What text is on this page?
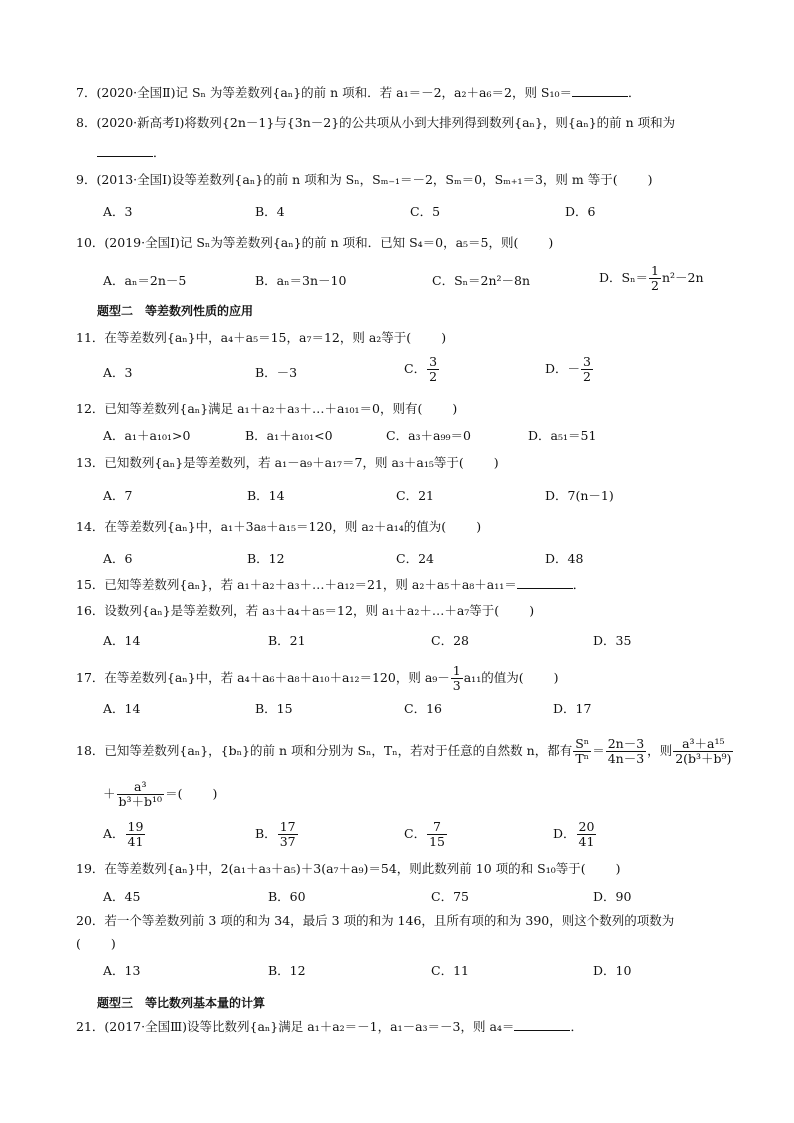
7．(2020·全国Ⅱ)记 Sₙ 为等差数列{aₙ}的前 n 项和．若 a₁＝－2，a₂＋a₆＝2，则 S₁₀＝	．
8．(2020·新高考Ⅰ)将数列{2n－1}与{3n－2}的公共项从小到大排列得到数列{aₙ}，则{aₙ}的前 n 项和为
．
9．(2013·全国Ⅰ)设等差数列{aₙ}的前 n 项和为 Sₙ，Sₘ₋₁＝－2，Sₘ＝0，Sₘ₊₁＝3，则 m 等于( )
A．3	B．4	C．5	D．6
10．(2019·全国Ⅰ)记 Sₙ为等差数列{aₙ}的前 n 项和．已知 S₄＝0，a₅＝5，则( )
A．aₙ＝2n－5	B．aₙ＝3n－10	C．Sₙ＝2n²－8n	D．$S_n= \frac{1}{2} n^2-2n$
题型二　等差数列性质的应用
11．在等差数列{aₙ}中，a₄＋a₅＝15，a₇＝12，则 a₂等于( )
A．3	B．－3	C． $\frac{3}{2}$	D．－ $\frac{3}{2}$
12．已知等差数列{aₙ}满足 a₁＋a₂＋a₃＋…＋a₁₀₁＝0，则有( )
A．a₁＋a₁₀₁>0	B．a₁＋a₁₀₁<0	C．a₃＋a₉₉＝0	D．a₅₁＝51
13．已知数列{aₙ}是等差数列，若 a₁－a₉＋a₁₇＝7，则 a₃＋a₁₅等于( )
A．7	B．14	C．21	D．7(n－1)
14．在等差数列{aₙ}中，a₁＋3a₈＋a₁₅＝120，则 a₂＋a₁₄的值为( )
A．6	B．12	C．24	D．48
15．已知等差数列{aₙ}，若 a₁＋a₂＋a₃＋…＋a₁₂＝21，则 a₂＋a₅＋a₈＋a₁₁＝	．
16．设数列{aₙ}是等差数列，若 a₃＋a₄＋a₅＝12，则 a₁＋a₂＋…＋a₇等于( )
A．14	B．21	C．28	D．35
17．在等差数列{aₙ}中，若 a₄＋a₆＋a₈＋a₁₀＋a₁₂＝120，则 $a_9- \frac{1}{3} a_{11}$的值为( )
A．14	B．15	C．16	D．17
18．已知等差数列{aₙ}，{bₙ}的前 n 项和分别为 Sₙ，Tₙ，若对于任意的自然数 n，都有 $\frac{\text{Sⁿ}}{\text{Tⁿ}} = \frac{2n-3}{4n-3}$ ，则 $\frac{\text{a³＋a¹⁵}}{\text{2(b³＋b⁹)}}$
＋ $\frac{\text{a³}}{\text{b³＋b¹⁰}}$ ＝( )
A． $\frac{19}{41}$	B． $\frac{17}{37}$	C． $\frac{7}{15}$	D． $\frac{20}{41}$
19．在等差数列{aₙ}中，2(a₁＋a₃＋a₅)＋3(a₇＋a₉)＝54，则此数列前 10 项的和 S₁₀等于( )
A．45	B．60	C．75	D．90
20．若一个等差数列前 3 项的和为 34，最后 3 项的和为 146，且所有项的和为 390，则这个数列的项数为
( )
A．13	B．12	C．11	D．10
题型三　等比数列基本量的计算
21．(2017·全国Ⅲ)设等比数列{aₙ}满足 a₁＋a₂＝－1，a₁－a₃＝－3，则 a₄＝	．
